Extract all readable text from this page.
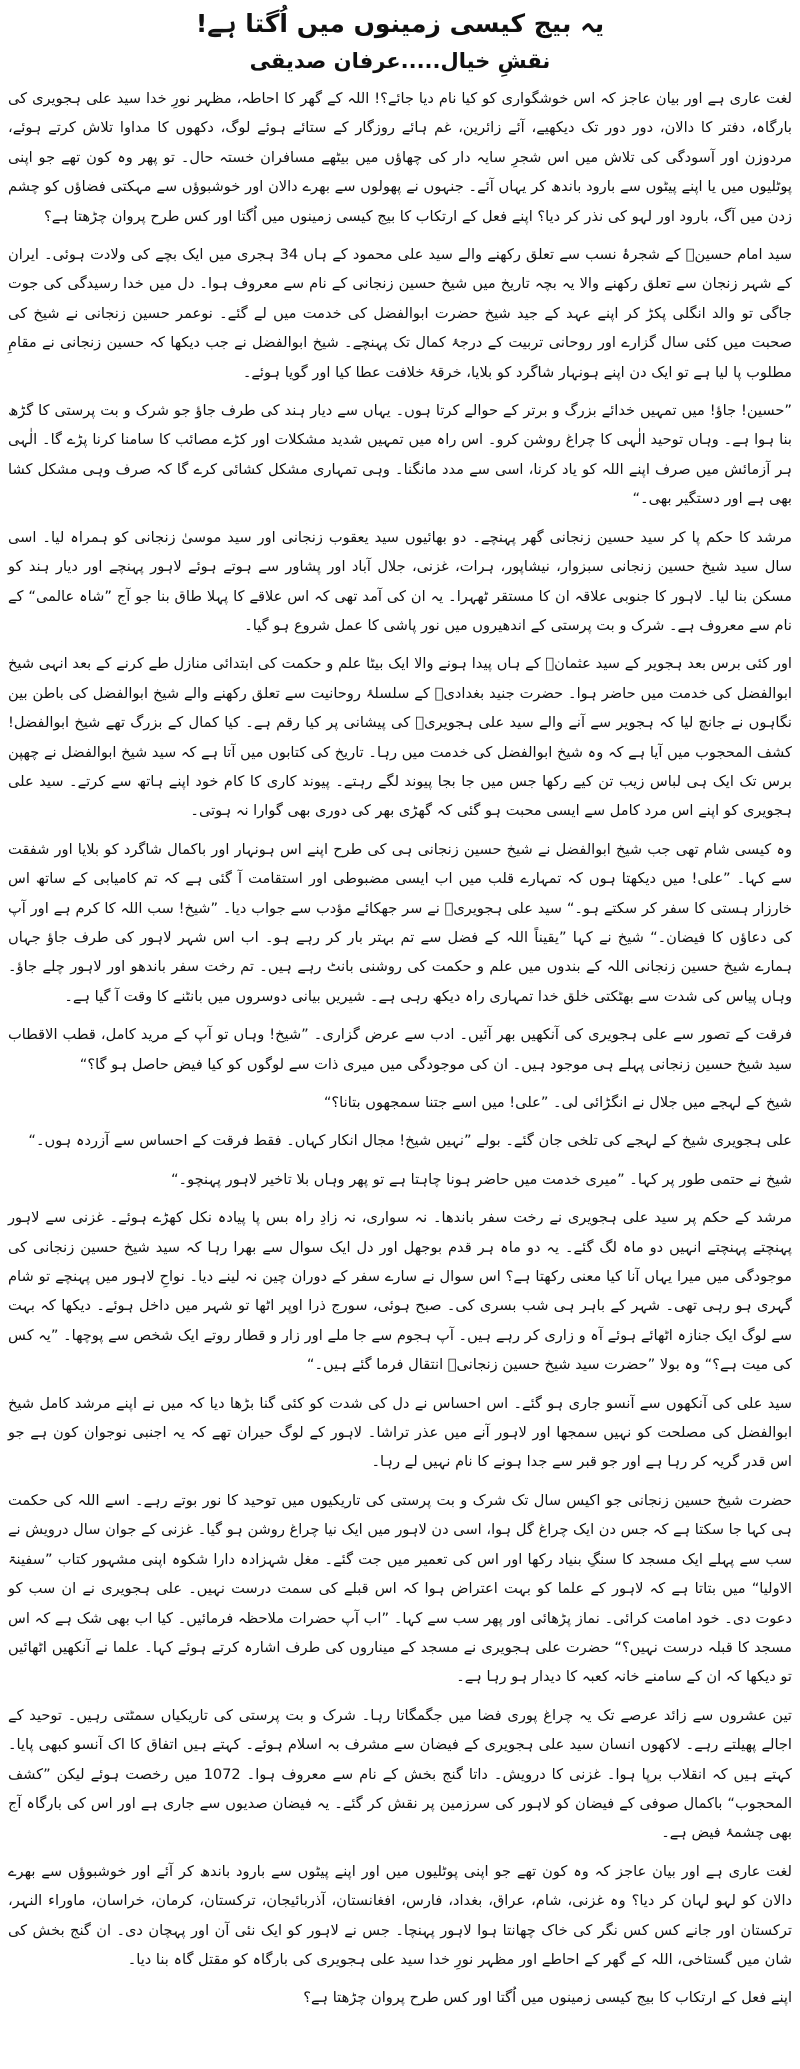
یہ بیج کیسی زمینوں میں اُگتا ہے!
نقشِ خیال.....عرفان صدیقی

لغت عاری ہے اور بیان عاجز کہ اس خوشگواری کو کیا نام دیا جائے؟! اللہ کے گھر کا احاطہ، مظہر نورِ خدا سید علی ہجویری کی بارگاہ، دفتر کا دالان، دور دور تک دیکھیے، آئے زائرین، غم ہائے روزگار کے ستائے ہوئے لوگ، دکھوں کا مداوا تلاش کرتے ہوئے، مردوزن اور آسودگی کی تلاش میں اس شجرِ سایہ دار کی چھاؤں میں بیٹھے مسافران خستہ حال۔ تو پھر وہ کون تھے جو اپنی پوٹلیوں میں یا اپنے پیٹوں سے بارود باندھ کر یہاں آئے۔ جنہوں نے پھولوں سے بھرے دالان اور خوشبوؤں سے مہکتی فضاؤں کو چشم زدن میں آگ، بارود اور لہو کی نذر کر دیا؟ اپنے فعل کے ارتکاب کا بیج کیسی زمینوں میں اُگتا اور کس طرح پروان چڑھتا ہے؟

سید امام حسینؓ کے شجرۂ نسب سے تعلق رکھنے والے سید علی محمود کے ہاں 34 ہجری میں ایک بچے کی ولادت ہوئی۔ ایران کے شہر زنجان سے تعلق رکھنے والا یہ بچہ تاریخ میں شیخ حسین زنجانی کے نام سے معروف ہوا۔ دل میں خدا رسیدگی کی جوت جاگی تو والد انگلی پکڑ کر اپنے عہد کے جید شیخ حضرت ابوالفضل کی خدمت میں لے گئے۔ نوعمر حسین زنجانی نے شیخ کی صحبت میں کئی سال گزارے اور روحانی تربیت کے درجۂ کمال تک پہنچے۔ شیخ ابوالفضل نے جب دیکھا کہ حسین زنجانی نے مقامِ مطلوب پا لیا ہے تو ایک دن اپنے ہونہار شاگرد کو بلایا، خرقۂ خلافت عطا کیا اور گویا ہوئے۔

”حسین! جاؤ! میں تمہیں خدائے بزرگ و برتر کے حوالے کرتا ہوں۔ یہاں سے دیار ہند کی طرف جاؤ جو شرک و بت پرستی کا گڑھ بنا ہوا ہے۔ وہاں توحید الٰہی کا چراغ روشن کرو۔ اس راہ میں تمہیں شدید مشکلات اور کڑے مصائب کا سامنا کرنا پڑے گا۔ الٰہی ہر آزمائش میں صرف اپنے اللہ کو یاد کرنا، اسی سے مدد مانگنا۔ وہی تمہاری مشکل کشائی کرے گا کہ صرف وہی مشکل کشا بھی ہے اور دستگیر بھی۔“

مرشد کا حکم پا کر سید حسین زنجانی گھر پہنچے۔ دو بھائیوں سید یعقوب زنجانی اور سید موسیٰ زنجانی کو ہمراہ لیا۔ اسی سال سید شیخ حسین زنجانی سبزوار، نیشاپور، ہرات، غزنی، جلال آباد اور پشاور سے ہوتے ہوئے لاہور پہنچے اور دیار ہند کو مسکن بنا لیا۔ لاہور کا جنوبی علاقہ ان کا مستقر ٹھہرا۔ یہ ان کی آمد تھی کہ اس علاقے کا پہلا طاق بنا جو آج ”شاہ عالمی“ کے نام سے معروف ہے۔ شرک و بت پرستی کے اندھیروں میں نور پاشی کا عمل شروع ہو گیا۔

اور کئی برس بعد ہجویر کے سید عثمانؒ کے ہاں پیدا ہونے والا ایک بیٹا علم و حکمت کی ابتدائی منازل طے کرنے کے بعد انہی شیخ ابوالفضل کی خدمت میں حاضر ہوا۔ حضرت جنید بغدادیؒ کے سلسلۂ روحانیت سے تعلق رکھنے والے شیخ ابوالفضل کی باطن بین نگاہوں نے جانچ لیا کہ ہجویر سے آنے والے سید علی ہجویریؒ کی پیشانی پر کیا رقم ہے۔ کیا کمال کے بزرگ تھے شیخ ابوالفضل! کشف المحجوب میں آیا ہے کہ وہ شیخ ابوالفضل کی خدمت میں رہا۔ تاریخ کی کتابوں میں آتا ہے کہ سید شیخ ابوالفضل نے چھپن برس تک ایک ہی لباس زیب تن کیے رکھا جس میں جا بجا پیوند لگے رہتے۔ پیوند کاری کا کام خود اپنے ہاتھ سے کرتے۔ سید علی ہجویری کو اپنے اس مرد کامل سے ایسی محبت ہو گئی کہ گھڑی بھر کی دوری بھی گوارا نہ ہوتی۔

وہ کیسی شام تھی جب شیخ ابوالفضل نے شیخ حسین زنجانی ہی کی طرح اپنے اس ہونہار اور باکمال شاگرد کو بلایا اور شفقت سے کہا۔ ”علی! میں دیکھتا ہوں کہ تمہارے قلب میں اب ایسی مضبوطی اور استقامت آ گئی ہے کہ تم کامیابی کے ساتھ اس خارزار ہستی کا سفر کر سکتے ہو۔“ سید علی ہجویریؒ نے سر جھکائے مؤدب سے جواب دیا۔ ”شیخ! سب اللہ کا کرم ہے اور آپ کی دعاؤں کا فیضان۔“ شیخ نے کہا ”یقیناً اللہ کے فضل سے تم بہتر بار کر رہے ہو۔ اب اس شہر لاہور کی طرف جاؤ جہاں ہمارے شیخ حسین زنجانی اللہ کے بندوں میں علم و حکمت کی روشنی بانٹ رہے ہیں۔ تم رخت سفر باندھو اور لاہور چلے جاؤ۔ وہاں پیاس کی شدت سے بھٹکتی خلق خدا تمہاری راہ دیکھ رہی ہے۔ شیریں بیانی دوسروں میں بانٹنے کا وقت آ گیا ہے۔

فرقت کے تصور سے علی ہجویری کی آنکھیں بھر آئیں۔ ادب سے عرض گزاری۔ ”شیخ! وہاں تو آپ کے مرید کامل، قطب الاقطاب سید شیخ حسین زنجانی پہلے ہی موجود ہیں۔ ان کی موجودگی میں میری ذات سے لوگوں کو کیا فیض حاصل ہو گا؟“

شیخ کے لہجے میں جلال نے انگڑائی لی۔ ”علی! میں اسے جتنا سمجھوں بتانا؟“

علی ہجویری شیخ کے لہجے کی تلخی جان گئے۔ بولے ”نہیں شیخ! مجال انکار کہاں۔ فقط فرقت کے احساس سے آزردہ ہوں۔“

شیخ نے حتمی طور پر کہا۔ ”میری خدمت میں حاضر ہونا چاہتا ہے تو پھر وہاں بلا تاخیر لاہور پہنچو۔“

مرشد کے حکم پر سید علی ہجویری نے رخت سفر باندھا۔ نہ سواری، نہ زادِ راہ بس پا پیادہ نکل کھڑے ہوئے۔ غزنی سے لاہور پہنچتے پہنچتے انہیں دو ماہ لگ گئے۔ یہ دو ماہ ہر قدم بوجھل اور دل ایک سوال سے بھرا رہا کہ سید شیخ حسین زنجانی کی موجودگی میں میرا یہاں آنا کیا معنی رکھتا ہے؟ اس سوال نے سارے سفر کے دوران چین نہ لینے دیا۔ نواحِ لاہور میں پہنچے تو شام گہری ہو رہی تھی۔ شہر کے باہر ہی شب بسری کی۔ صبح ہوئی، سورج ذرا اوپر اٹھا تو شہر میں داخل ہوئے۔ دیکھا کہ بہت سے لوگ ایک جنازہ اٹھائے ہوئے آہ و زاری کر رہے ہیں۔ آپ ہجوم سے جا ملے اور زار و قطار روتے ایک شخص سے پوچھا۔ ”یہ کس کی میت ہے؟“ وہ بولا ”حضرت سید شیخ حسین زنجانیؒ انتقال فرما گئے ہیں۔“

سید علی کی آنکھوں سے آنسو جاری ہو گئے۔ اس احساس نے دل کی شدت کو کئی گنا بڑھا دیا کہ میں نے اپنے مرشد کامل شیخ ابوالفضل کی مصلحت کو نہیں سمجھا اور لاہور آنے میں عذر تراشا۔ لاہور کے لوگ حیران تھے کہ یہ اجنبی نوجوان کون ہے جو اس قدر گریہ کر رہا ہے اور جو قبر سے جدا ہونے کا نام نہیں لے رہا۔

حضرت شیخ حسین زنجانی جو اکیس سال تک شرک و بت پرستی کی تاریکیوں میں توحید کا نور بوتے رہے۔ اسے اللہ کی حکمت ہی کہا جا سکتا ہے کہ جس دن ایک چراغ گل ہوا، اسی دن لاہور میں ایک نیا چراغ روشن ہو گیا۔ غزنی کے جوان سال درویش نے سب سے پہلے ایک مسجد کا سنگِ بنیاد رکھا اور اس کی تعمیر میں جت گئے۔ مغل شہزادہ دارا شکوہ اپنی مشہور کتاب ”سفینۃ الاولیا“ میں بتاتا ہے کہ لاہور کے علما کو بہت اعتراض ہوا کہ اس قبلے کی سمت درست نہیں۔ علی ہجویری نے ان سب کو دعوت دی۔ خود امامت کرائی۔ نماز پڑھائی اور پھر سب سے کہا۔ ”اب آپ حضرات ملاحظہ فرمائیں۔ کیا اب بھی شک ہے کہ اس مسجد کا قبلہ درست نہیں؟“ حضرت علی ہجویری نے مسجد کے میناروں کی طرف اشارہ کرتے ہوئے کہا۔ علما نے آنکھیں اٹھائیں تو دیکھا کہ ان کے سامنے خانہ کعبہ کا دیدار ہو رہا ہے۔

تین عشروں سے زائد عرصے تک یہ چراغ پوری فضا میں جگمگاتا رہا۔ شرک و بت پرستی کی تاریکیاں سمٹتی رہیں۔ توحید کے اجالے پھیلتے رہے۔ لاکھوں انسان سید علی ہجویری کے فیضان سے مشرف بہ اسلام ہوئے۔ کہتے ہیں اتفاق کا اک آنسو کبھی پایا۔ کہتے ہیں کہ انقلاب برپا ہوا۔ غزنی کا درویش۔ داتا گنج بخش کے نام سے معروف ہوا۔ 1072 میں رخصت ہوئے لیکن ”کشف المحجوب“ باکمال صوفی کے فیضان کو لاہور کی سرزمین پر نقش کر گئے۔ یہ فیضان صدیوں سے جاری ہے اور اس کی بارگاہ آج بھی چشمۂ فیض ہے۔

لغت عاری ہے اور بیان عاجز کہ وہ کون تھے جو اپنی پوٹلیوں میں اور اپنے پیٹوں سے بارود باندھ کر آئے اور خوشبوؤں سے بھرے دالان کو لہو لہان کر دیا؟ وہ غزنی، شام، عراق، بغداد، فارس، افغانستان، آذربائیجان، ترکستان، کرمان، خراسان، ماوراء النہر، ترکستان اور جانے کس کس نگر کی خاک چھانتا ہوا لاہور پہنچا۔ جس نے لاہور کو ایک نئی آن اور پہچان دی۔ ان گنج بخش کی شان میں گستاخی، اللہ کے گھر کے احاطے اور مظہر نورِ خدا سید علی ہجویری کی بارگاہ کو مقتل گاہ بنا دیا۔

اپنے فعل کے ارتکاب کا بیج کیسی زمینوں میں اُگتا اور کس طرح پروان چڑھتا ہے؟
